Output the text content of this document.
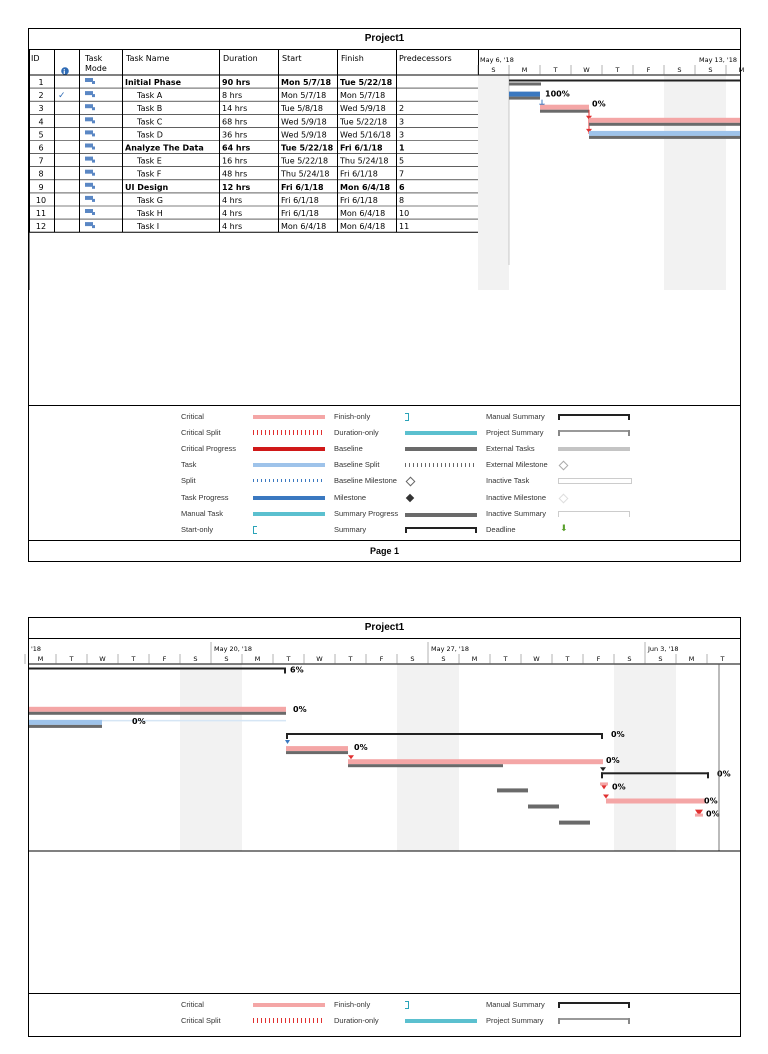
Project1
ID	Task
Mode
Task Name	Duration	Start	Finish	Predecessors
i
1	Initial Phase	90 hrs	Mon 5/7/18 Tue 5/22/18
2 ✓	Task A	8 hrs	Mon 5/7/18 Mon 5/7/18
3	Task B	14 hrs	Tue 5/8/18 Wed 5/9/18 2
4	Task C	68 hrs	Wed 5/9/18 Tue 5/22/18 3
5	Task D	36 hrs	Wed 5/9/18 Wed 5/16/18 3
6	Analyze The Data 64 hrs	Tue 5/22/18 Fri 6/1/18 1
7	Task E	16 hrs	Tue 5/22/18 Thu 5/24/18 5
8	Task F	48 hrs	Thu 5/24/18 Fri 6/1/18	7
9	UI Design	12 hrs	Fri 6/1/18 Mon 6/4/18 6
10	Task G	4 hrs	Fri 6/1/18	Fri 6/1/18	8
11	Task H	4 hrs	Fri 6/1/18	Mon 6/4/18 10
12	Task I	4 hrs	Mon 6/4/18 Mon 6/4/18 11
May 6, '18	May 13, '18
S	M	T	W	T	F	S	S	M
100%
0%
Critical
Critical Split
Critical Progress
Task
Split
Task Progress
Manual Task
Start-only
Finish-only
Duration-only
Baseline
Baseline Split
Baseline Milestone
Milestone
Summary Progress
Summary
Manual Summary
Project Summary
External Tasks
External Milestone
Inactive Task
Inactive Milestone
Inactive Summary
Deadline	⬇
Page 1
Project1
'18	May 20, '18	May 27, '18	Jun 3, '18
M	T	W	T	F	S	S	M	T	W	T	F	S	S	M	T	W	T	F	S	S	M	T
6%
0%
0%
0%
0%
0%
0%
0%
0%
0%
Critical
Critical Split
Finish-only
Duration-only
Manual Summary
Project Summary
